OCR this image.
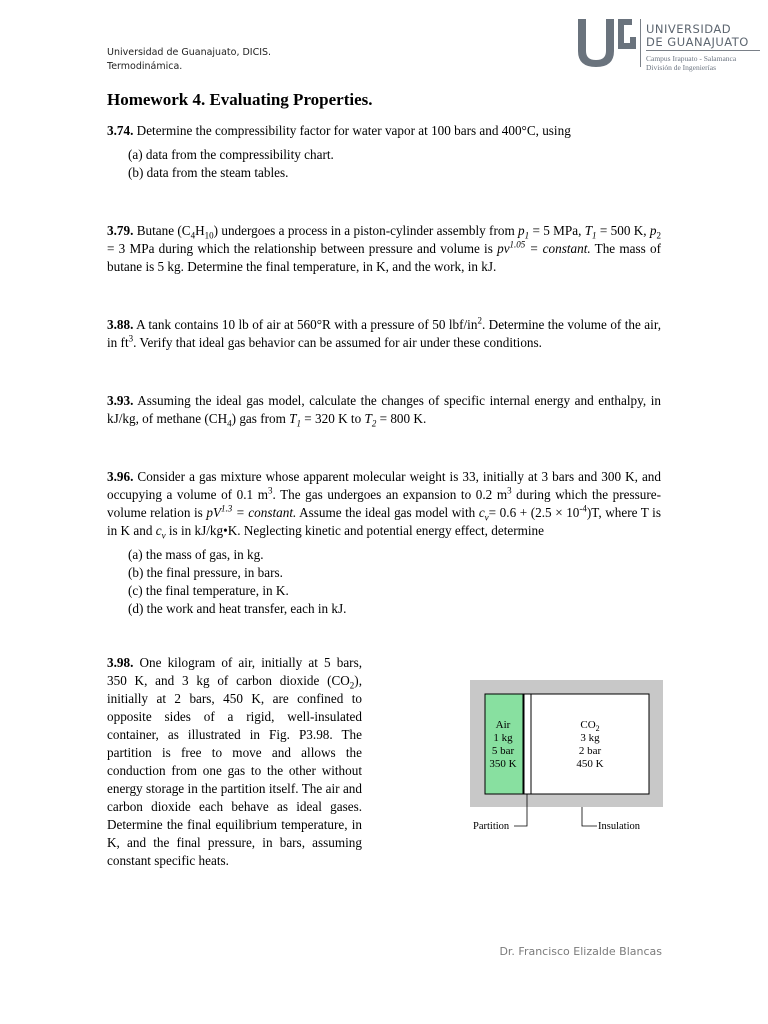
Universidad de Guanajuato, DICIS.
Termodinámica.
UNIVERSIDAD
DE GUANAJUATO
Campus Irapuato - Salamanca
División de Ingenierías
Homework 4. Evaluating Properties.

3.74. Determine the compressibility factor for water vapor at 100 bars and 400°C, using

(a) data from the compressibility chart.
(b) data from the steam tables.

3.79. Butane $(C_4H_{10})$ undergoes a process in a piston-cylinder assembly from $p_1 = 5$ MPa, $T_1 = 500$ K, $p_2 = 3$ MPa during which the relationship between pressure and volume is $pv^{1.05}$ = constant. The mass of butane is 5 kg. Determine the final temperature, in K, and the work, in kJ.

3.88. A tank contains 10 lb of air at 560°R with a pressure of 50 lbf/$in^2$. Determine the volume of the air, in $ft^3$. Verify that ideal gas behavior can be assumed for air under these conditions.

3.93. Assuming the ideal gas model, calculate the changes of specific internal energy and enthalpy, in kJ/kg, of methane $(CH_4)$ gas from $T_1 = 320$ K to $T_2 = 800$ K.

3.96. Consider a gas mixture whose apparent molecular weight is 33, initially at 3 bars and 300 K, and occupying a volume of 0.1 $m^3$. The gas undergoes an expansion to 0.2 $m^3$ during which the pressure-volume relation is $pV^{1.3}$ = constant. Assume the ideal gas model with $c_v= 0.6 + (2.5 \times 10^{-4})T$, where T is in K and $c_v$ is in kJ/kg•K. Neglecting kinetic and potential energy effect, determine

(a) the mass of gas, in kg.
(b) the final pressure, in bars.
(c) the final temperature, in K.
(d) the work and heat transfer, each in kJ.

3.98. One kilogram of air, initially at 5 bars, 350 K, and 3 kg of carbon dioxide $(CO_2)$, initially at 2 bars, 450 K, are confined to opposite sides of a rigid, well-insulated container, as illustrated in Fig. P3.98. The partition is free to move and allows the conduction from one gas to the other without energy storage in the partition itself. The air and carbon dioxide each behave as ideal gases. Determine the final equilibrium temperature, in K, and the final pressure, in bars, assuming constant specific heats.

Air
1 kg
5 bar
350 K
$CO_2$
3 kg
2 bar
450 K
Partition	Insulation
Dr. Francisco Elizalde Blancas
